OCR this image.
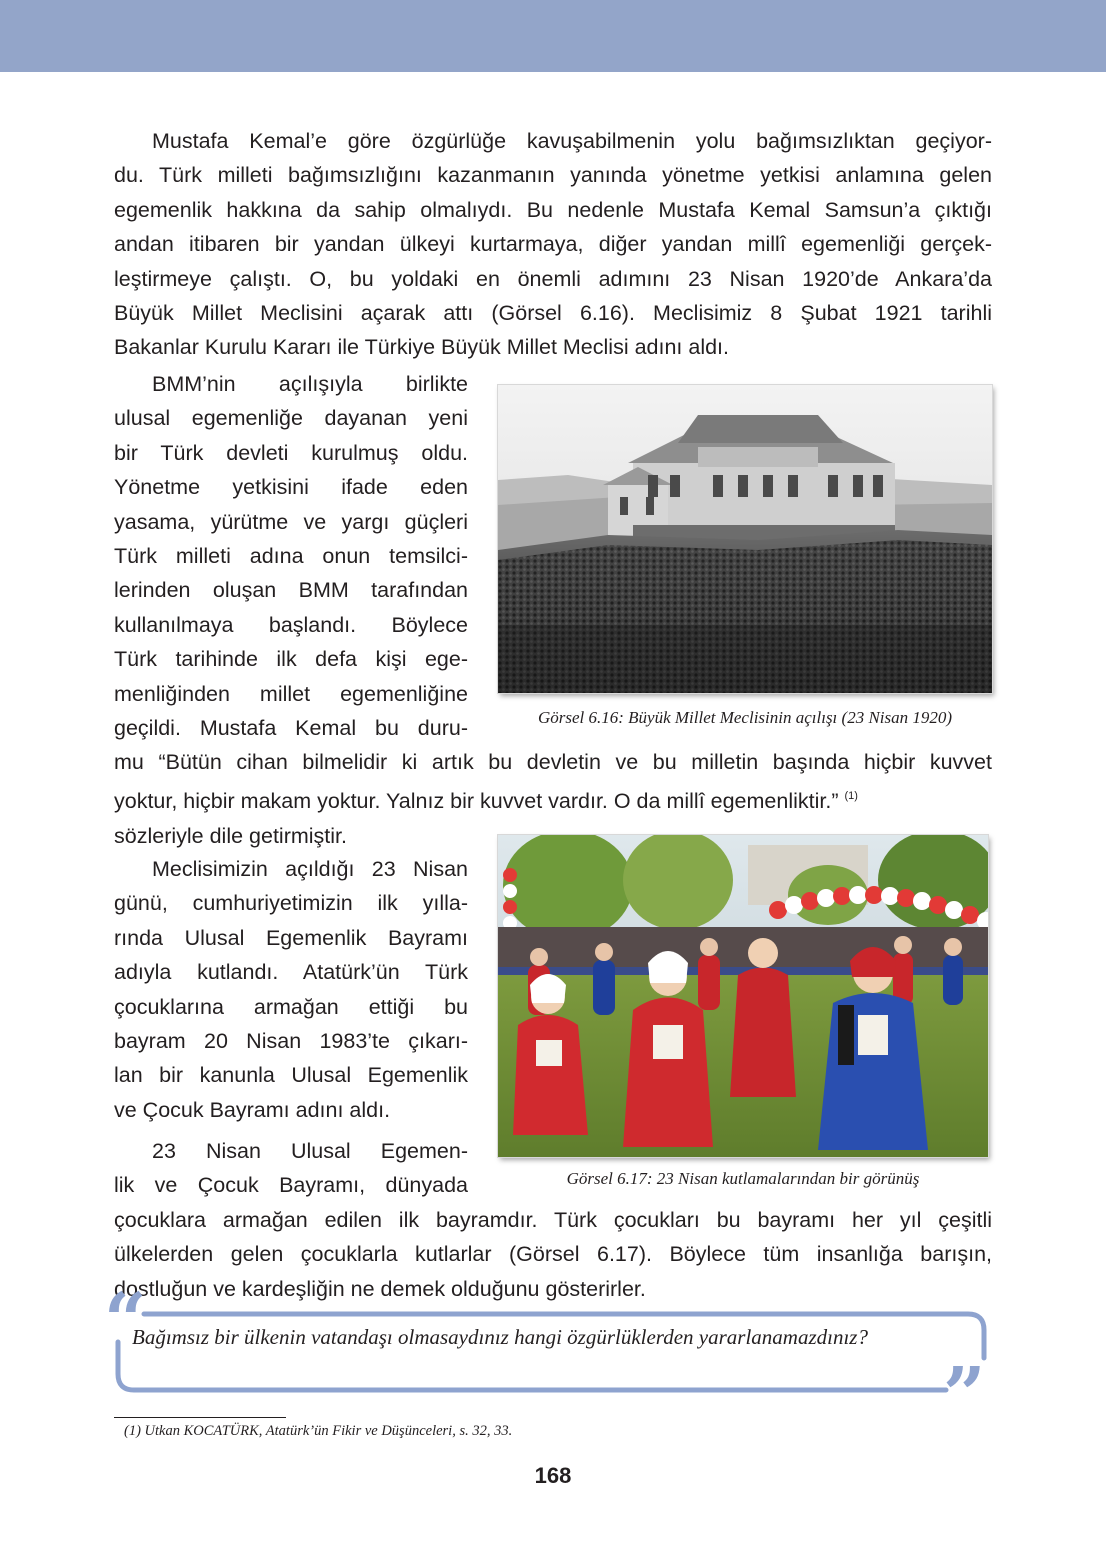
Mustafa Kemal’e göre özgürlüğe kavuşabilmenin yolu bağımsızlıktan geçiyor-
du. Türk milleti bağımsızlığını kazanmanın yanında yönetme yetkisi anlamına gelen
egemenlik hakkına da sahip olmalıydı. Bu nedenle Mustafa Kemal Samsun’a çıktığı
andan itibaren bir yandan ülkeyi kurtarmaya, diğer yandan millî egemenliği gerçek-
leştirmeye çalıştı. O, bu yoldaki en önemli adımını 23 Nisan 1920’de Ankara’da
Büyük Millet Meclisini açarak attı (Görsel 6.16). Meclisimiz 8 Şubat 1921 tarihli
Bakanlar Kurulu Kararı ile Türkiye Büyük Millet Meclisi adını aldı.

BMM’nin açılışıyla birlikte
ulusal egemenliğe dayanan yeni
bir Türk devleti kurulmuş oldu.
Yönetme yetkisini ifade eden
yasama, yürütme ve yargı güçleri
Türk milleti adına onun temsilci-
lerinden oluşan BMM tarafından
kullanılmaya başlandı. Böylece
Türk tarihinde ilk defa kişi ege-
menliğinden millet egemenliğine
geçildi. Mustafa Kemal bu duru-

mu “Bütün cihan bilmelidir ki artık bu devletin ve bu milletin başında hiçbir kuvvet
yoktur, hiçbir makam yoktur. Yalnız bir kuvvet vardır. O da millî egemenliktir.” $^{(1)}$
sözleriyle dile getirmiştir.

Görsel 6.16: Büyük Millet Meclisinin açılışı (23 Nisan 1920)

Meclisimizin açıldığı 23 Nisan
günü, cumhuriyetimizin ilk yılla-
rında Ulusal Egemenlik Bayramı
adıyla kutlandı. Atatürk’ün Türk
çocuklarına armağan ettiği bu
bayram 20 Nisan 1983’te çıkarı-
lan bir kanunla Ulusal Egemenlik
ve Çocuk Bayramı adını aldı.

23 Nisan Ulusal Egemen-
lik ve Çocuk Bayramı, dünyada

çocuklara armağan edilen ilk bayramdır. Türk çocukları bu bayramı her yıl çeşitli
ülkelerden gelen çocuklarla kutlarlar (Görsel 6.17). Böylece tüm insanlığa barışın,
dostluğun ve kardeşliğin ne demek olduğunu gösterirler.

Görsel 6.17: 23 Nisan kutlamalarından bir görünüş
“
”

Bağımsız bir ülkenin vatandaşı olmasaydınız hangi özgürlüklerden yararlanamazdınız?

(1) Utkan KOCATÜRK, Atatürk’ün Fikir ve Düşünceleri, s. 32, 33.
168
